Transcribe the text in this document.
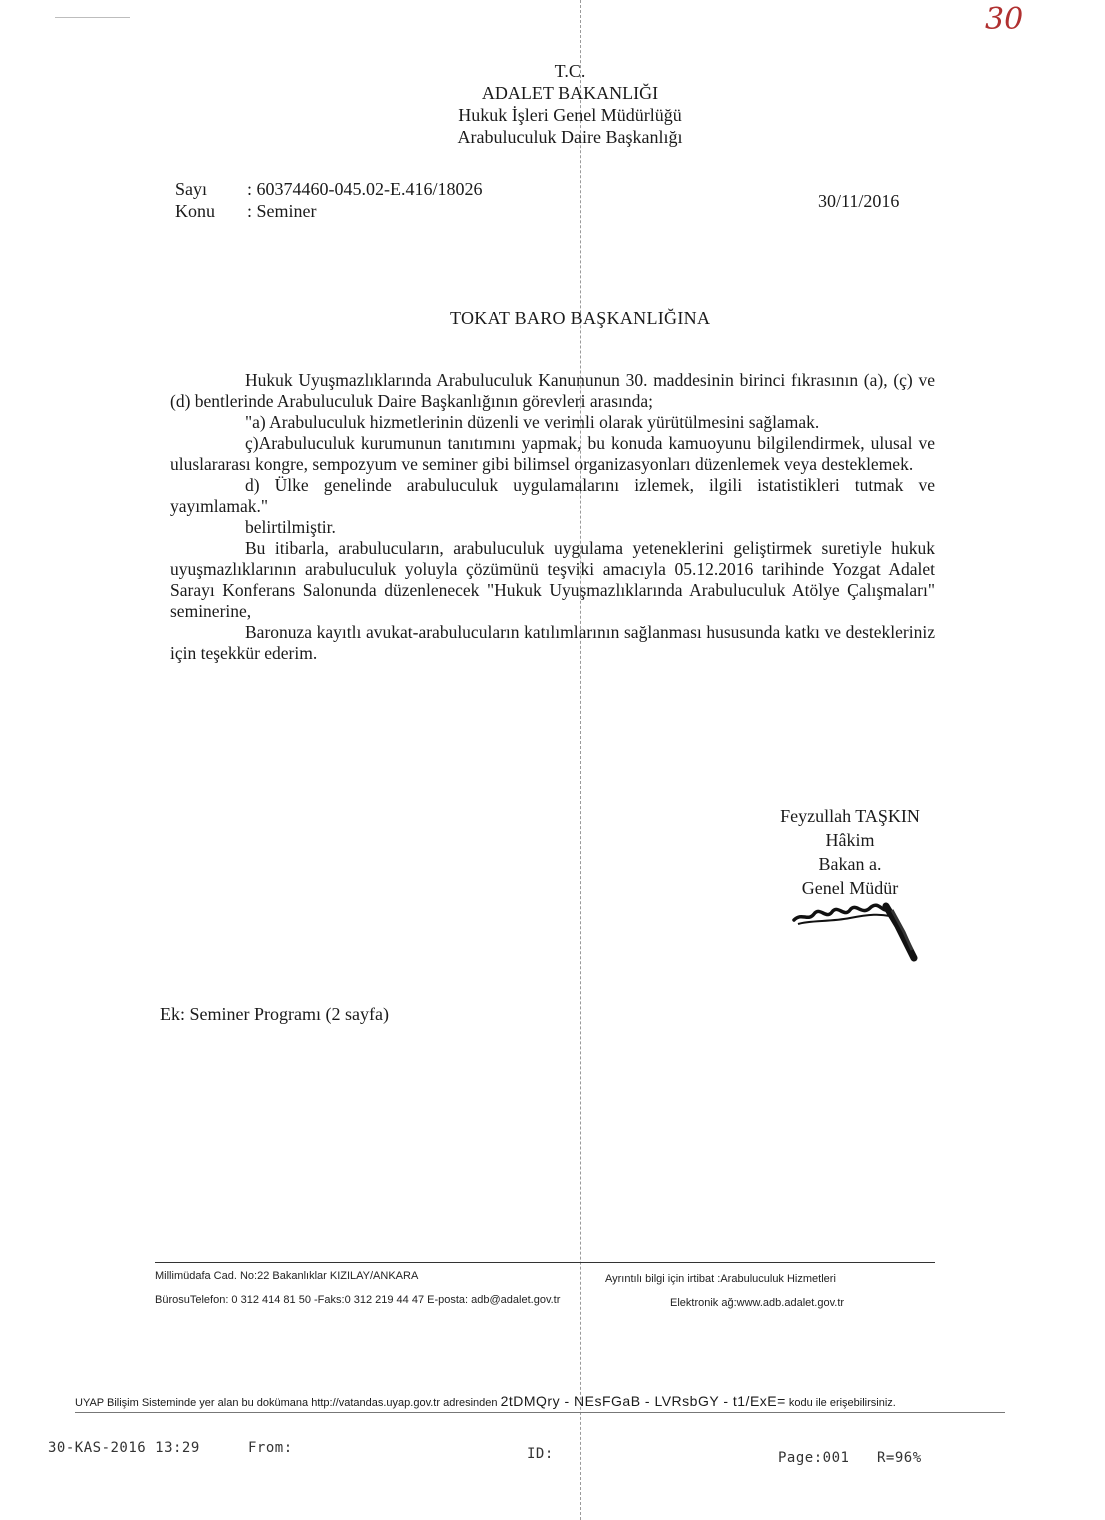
30
T.C.
ADALET BAKANLIĞI
Hukuk İşleri Genel Müdürlüğü
Arabuluculuk Daire Başkanlığı
Sayı : 60374460-045.02-E.416/18026
Konu : Seminer	30/11/2016
TOKAT BARO BAŞKANLIĞINA

Hukuk Uyuşmazlıklarında Arabuluculuk Kanununun 30. maddesinin birinci fıkrasının (a), (ç) ve (d) bentlerinde Arabuluculuk Daire Başkanlığının görevleri arasında;

"a) Arabuluculuk hizmetlerinin düzenli ve verimli olarak yürütülmesini sağlamak.

ç)Arabuluculuk kurumunun tanıtımını yapmak, bu konuda kamuoyunu bilgilendirmek, ulusal ve uluslararası kongre, sempozyum ve seminer gibi bilimsel organizasyonları düzenlemek veya desteklemek.

d) Ülke genelinde arabuluculuk uygulamalarını izlemek, ilgili istatistikleri tutmak ve yayımlamak."

belirtilmiştir.

Bu itibarla, arabulucuların, arabuluculuk uygulama yeteneklerini geliştirmek suretiyle hukuk uyuşmazlıklarının arabuluculuk yoluyla çözümünü teşviki amacıyla 05.12.2016 tarihinde Yozgat Adalet Sarayı Konferans Salonunda düzenlenecek "Hukuk Uyuşmazlıklarında Arabuluculuk Atölye Çalışmaları" seminerine,

Baronuza kayıtlı avukat-arabulucuların katılımlarının sağlanması hususunda katkı ve destekleriniz için teşekkür ederim.

Feyzullah TAŞKIN
Hâkim
Bakan a.
Genel Müdür
Ek: Seminer Programı (2 sayfa)
Millimüdafa Cad. No:22 Bakanlıklar KIZILAY/ANKARA
BürosuTelefon: 0 312 414 81 50 -Faks:0 312 219 44 47 E-posta: adb@adalet.gov.tr
Ayrıntılı bilgi için irtibat :Arabuluculuk Hizmetleri
Elektronik ağ:www.adb.adalet.gov.tr
UYAP Bilişim Sisteminde yer alan bu dokümana http://vatandas.uyap.gov.tr adresinden 2tDMQry - NEsFGaB - LVRsbGY - t1/ExE= kodu ile erişebilirsiniz.
30-KAS-2016 13:29	From:	ID:	Page:001 R=96%
